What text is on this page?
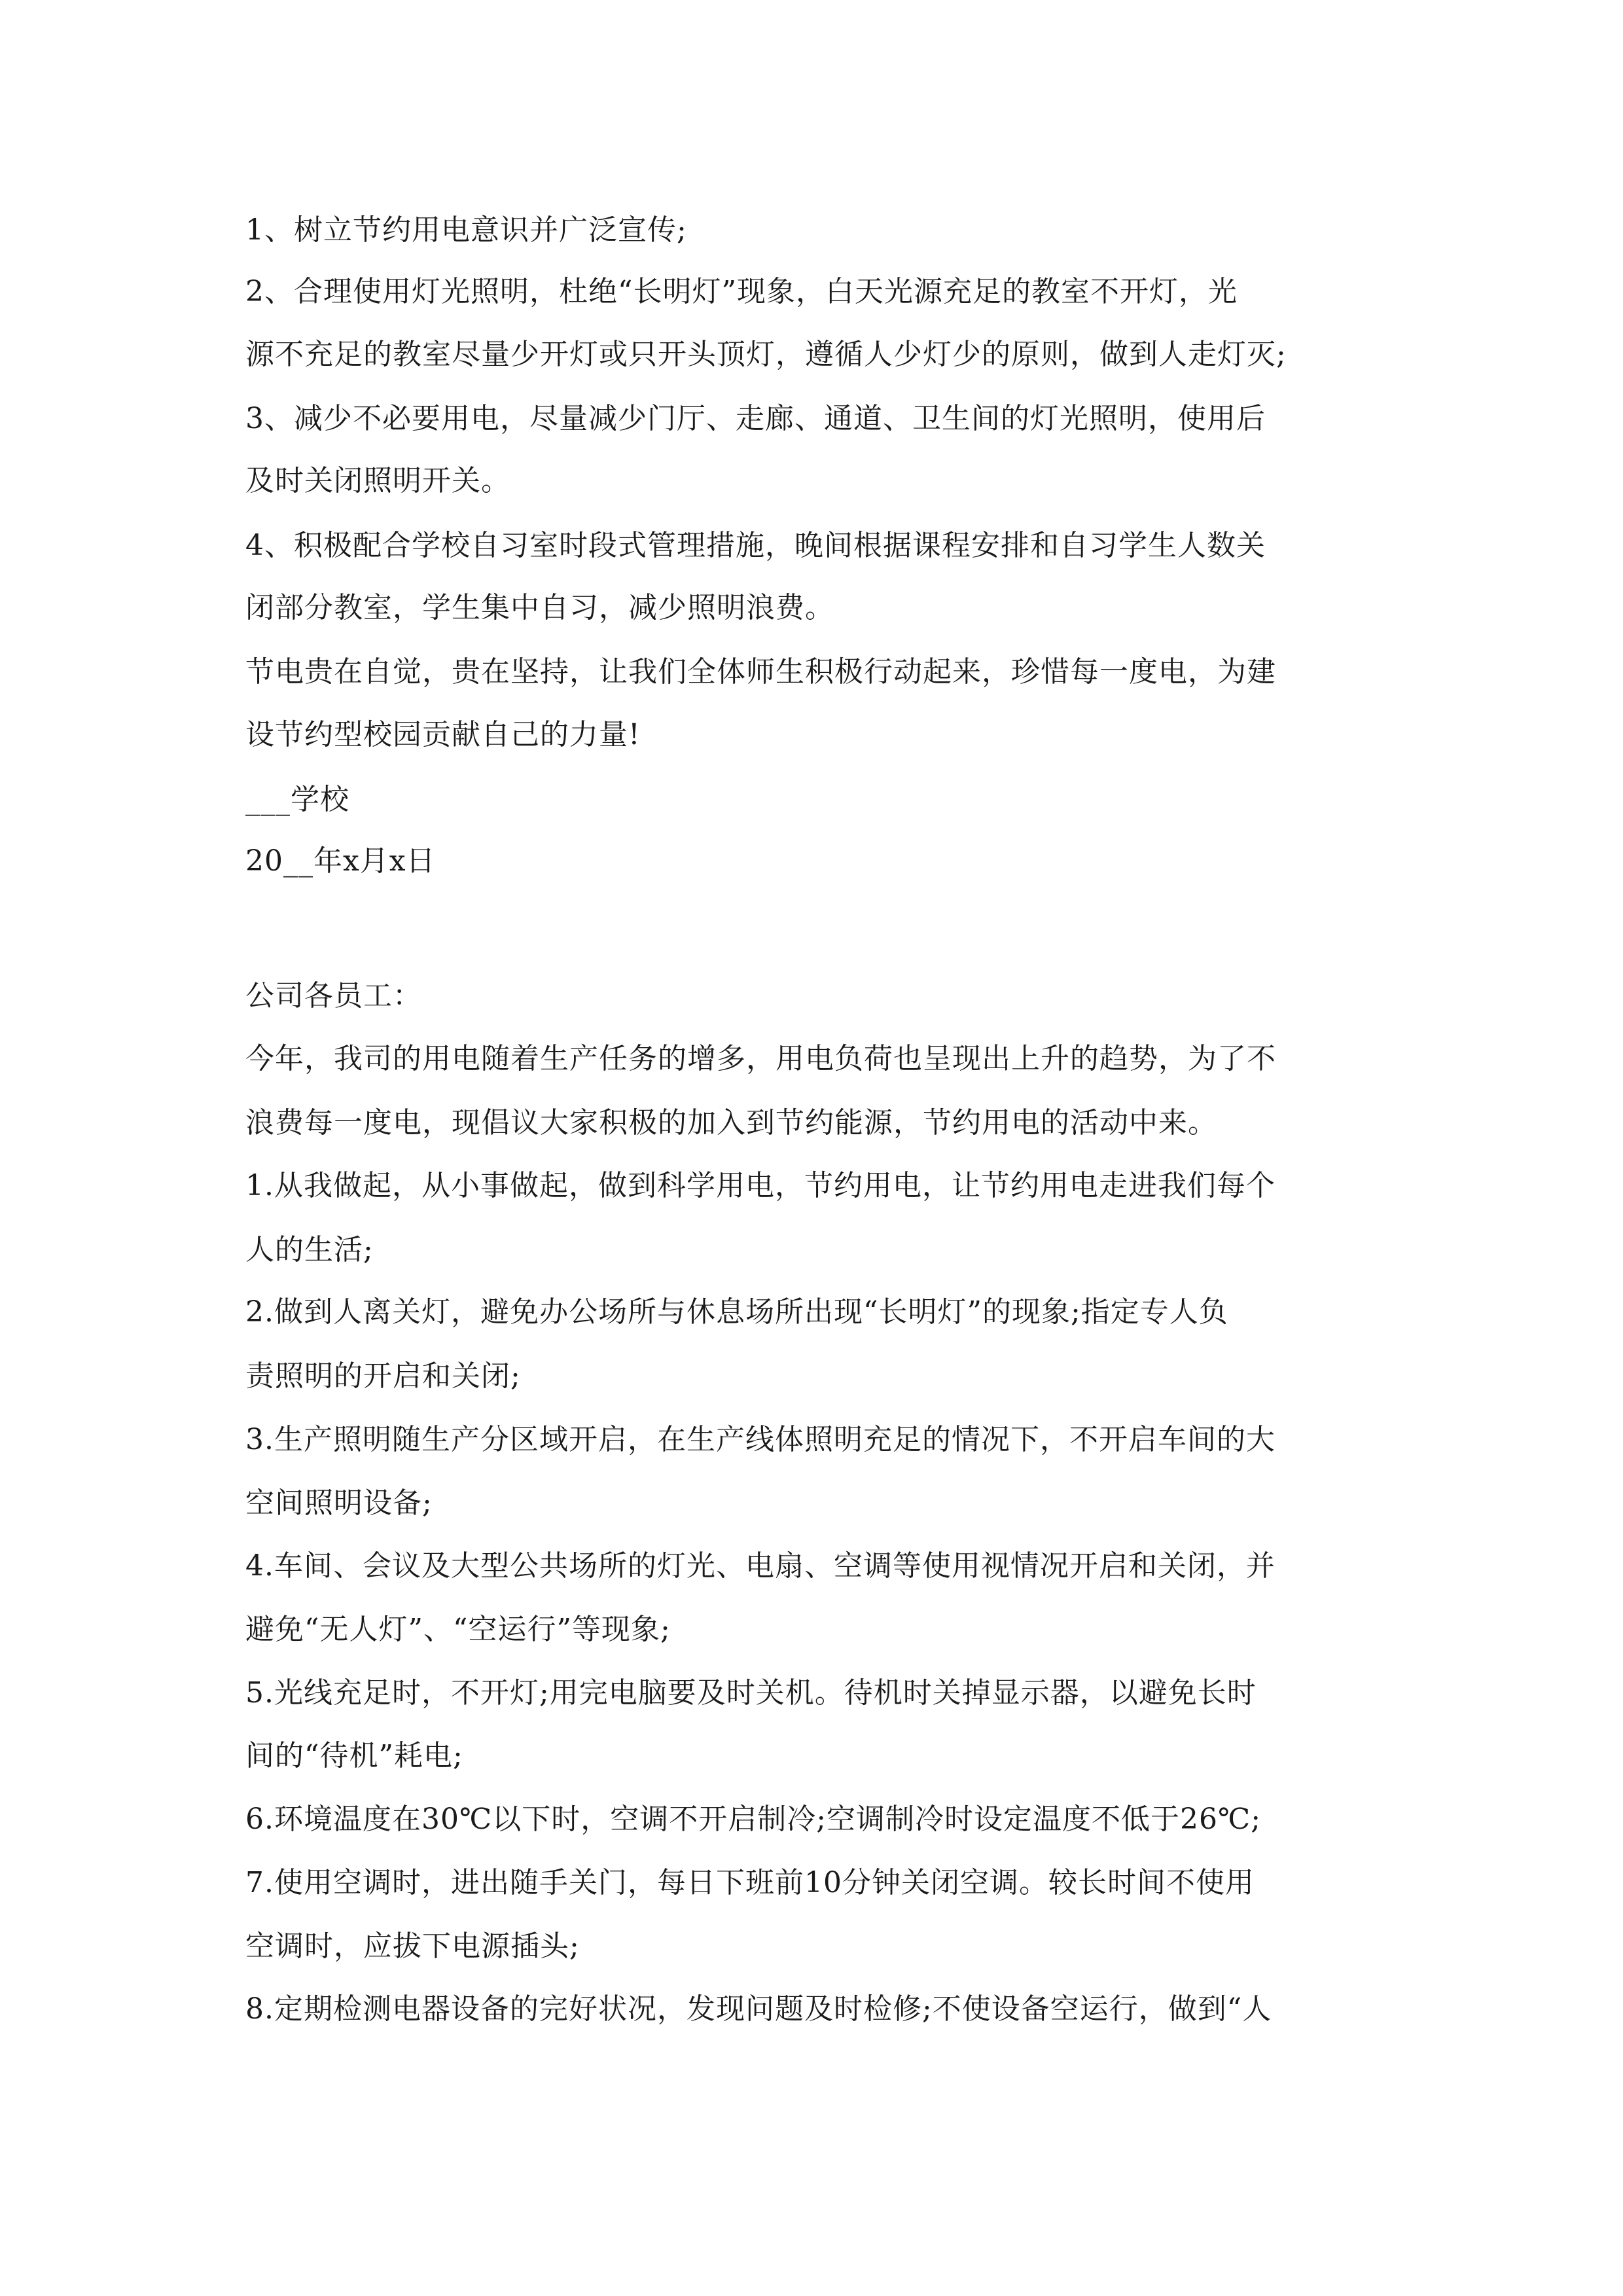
1、树立节约用电意识并广泛宣传;
2、合理使用灯光照明，杜绝“长明灯”现象，白天光源充足的教室不开灯，光
源不充足的教室尽量少开灯或只开头顶灯，遵循人少灯少的原则，做到人走灯灭;
3、减少不必要用电，尽量减少门厅、走廊、通道、卫生间的灯光照明，使用后
及时关闭照明开关。
4、积极配合学校自习室时段式管理措施，晚间根据课程安排和自习学生人数关
闭部分教室，学生集中自习，减少照明浪费。
节电贵在自觉，贵在坚持，让我们全体师生积极行动起来，珍惜每一度电，为建
设节约型校园贡献自己的力量!
___学校
20__年x月x日
公司各员工：
今年，我司的用电随着生产任务的增多，用电负荷也呈现出上升的趋势，为了不
浪费每一度电，现倡议大家积极的加入到节约能源，节约用电的活动中来。
1.从我做起，从小事做起，做到科学用电，节约用电，让节约用电走进我们每个
人的生活;
2.做到人离关灯，避免办公场所与休息场所出现“长明灯”的现象;指定专人负
责照明的开启和关闭;
3.生产照明随生产分区域开启，在生产线体照明充足的情况下，不开启车间的大
空间照明设备;
4.车间、会议及大型公共场所的灯光、电扇、空调等使用视情况开启和关闭，并
避免“无人灯”、“空运行”等现象;
5.光线充足时，不开灯;用完电脑要及时关机。待机时关掉显示器，以避免长时
间的“待机”耗电;
6.环境温度在30℃以下时，空调不开启制冷;空调制冷时设定温度不低于26℃;
7.使用空调时，进出随手关门，每日下班前10分钟关闭空调。较长时间不使用
空调时，应拔下电源插头;
8.定期检测电器设备的完好状况，发现问题及时检修;不使设备空运行，做到“人
